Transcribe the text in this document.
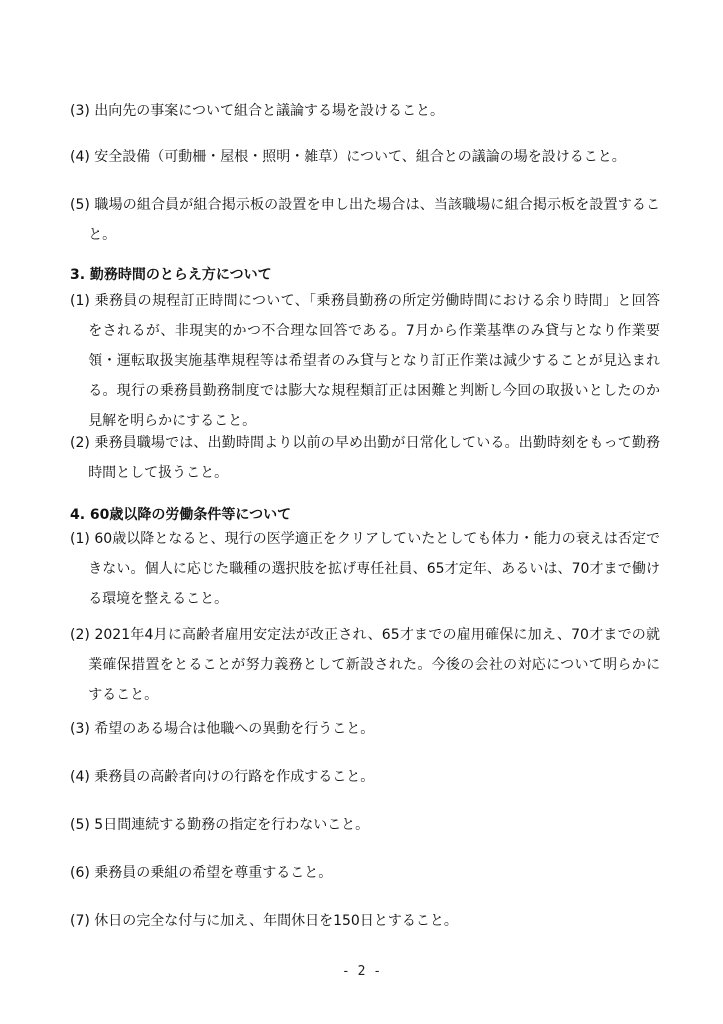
(3) 出向先の事案について組合と議論する場を設けること。

(4) 安全設備（可動柵・屋根・照明・雑草）について、組合との議論の場を設けること。

(5) 職場の組合員が組合掲示板の設置を申し出た場合は、当該職場に組合掲示板を設置すること。

3. 勤務時間のとらえ方について

(1) 乗務員の規程訂正時間について、「乗務員勤務の所定労働時間における余り時間」と回答をされるが、非現実的かつ不合理な回答である。7月から作業基準のみ貸与となり作業要領・運転取扱実施基準規程等は希望者のみ貸与となり訂正作業は減少することが見込まれる。現行の乗務員勤務制度では膨大な規程類訂正は困難と判断し今回の取扱いとしたのか見解を明らかにすること。

(2) 乗務員職場では、出勤時間より以前の早め出勤が日常化している。出勤時刻をもって勤務時間として扱うこと。

4. 60歳以降の労働条件等について

(1) 60歳以降となると、現行の医学適正をクリアしていたとしても体力・能力の衰えは否定できない。個人に応じた職種の選択肢を拡げ専任社員、65才定年、あるいは、70才まで働ける環境を整えること。

(2) 2021年4月に高齢者雇用安定法が改正され、65才までの雇用確保に加え、70才までの就業確保措置をとることが努力義務として新設された。今後の会社の対応について明らかにすること。

(3) 希望のある場合は他職への異動を行うこと。

(4) 乗務員の高齢者向けの行路を作成すること。

(5) 5日間連続する勤務の指定を行わないこと。

(6) 乗務員の乗組の希望を尊重すること。

(7) 休日の完全な付与に加え、年間休日を150日とすること。

- 2 -
